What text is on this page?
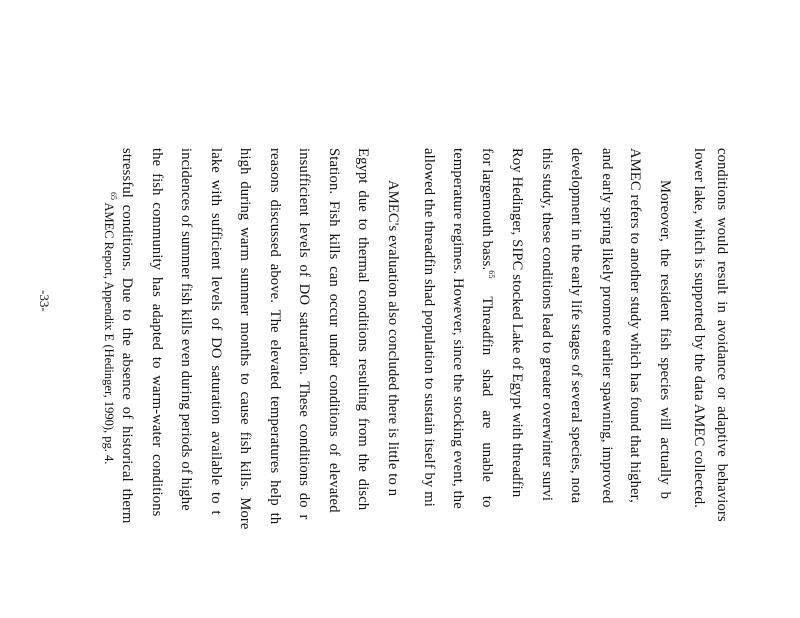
conditions would result in avoidance or adaptive behaviors
lower lake, which is supported by the data AMEC collected.
Moreover, the resident fish species will actually b
AMEC refers to another study which has found that higher,
and early spring likely promote earlier spawning, improved
development in the early life stages of several species, nota
this study, these conditions lead to greater overwinter survi
Roy Hedinger, SIPC stocked Lake of Egypt with threadfin
for largemouth bass.$^{65}$ Threadfin shad are unable to
temperature regimes. However, since the stocking event, the
allowed the threadfin shad population to sustain itself by mi
AMEC's evaluation also concluded there is little to n
Egypt due to thermal conditions resulting from the disch
Station. Fish kills can occur under conditions of elevated
insufficient levels of DO saturation. These conditions do r
reasons discussed above. The elevated temperatures help th
high during warm summer months to cause fish kills. More
lake with sufficient levels of DO saturation available to t
incidences of summer fish kills even during periods of highe
the fish community has adapted to warm-water conditions
stressful conditions. Due to the absence of historical therm
$^{65}$ AMEC Report, Appendix E (Hedinger, 1990), pg. 4.
-33-
